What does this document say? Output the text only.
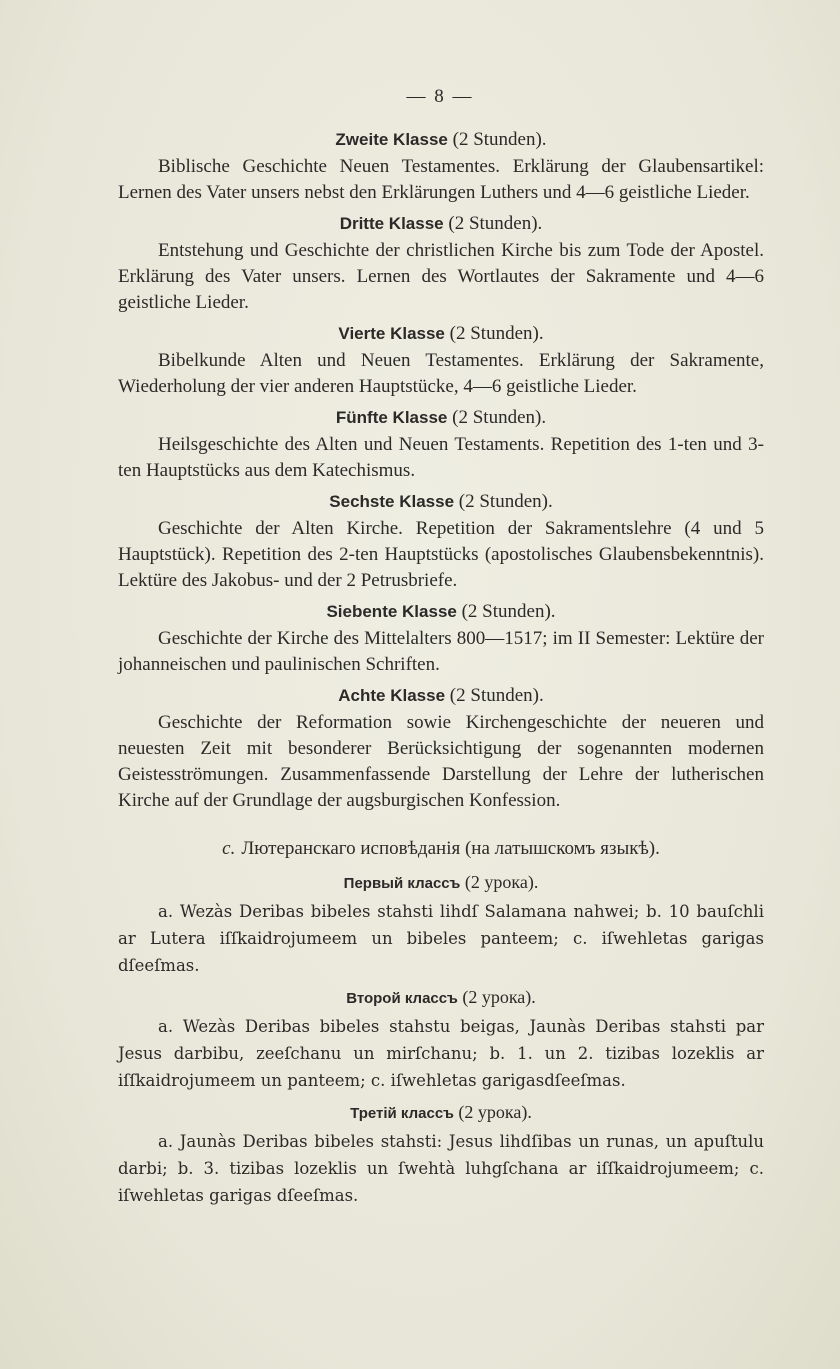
— 8 —
Zweite Klasse (2 Stunden).
Biblische Geschichte Neuen Testamentes. Erklärung der Glaubensartikel: Lernen des Vater unsers nebst den Erklärungen Luthers und 4—6 geistliche Lieder.
Dritte Klasse (2 Stunden).
Entstehung und Geschichte der christlichen Kirche bis zum Tode der Apostel. Erklärung des Vater unsers. Lernen des Wortlautes der Sakramente und 4—6 geistliche Lieder.
Vierte Klasse (2 Stunden).
Bibelkunde Alten und Neuen Testamentes. Erklärung der Sakramente, Wiederholung der vier anderen Hauptstücke, 4—6 geistliche Lieder.
Fünfte Klasse (2 Stunden).
Heilsgeschichte des Alten und Neuen Testaments. Repetition des 1-ten und 3-ten Hauptstücks aus dem Katechismus.
Sechste Klasse (2 Stunden).
Geschichte der Alten Kirche. Repetition der Sakramentslehre (4 und 5 Hauptstück). Repetition des 2-ten Hauptstücks (apostolisches Glaubensbekenntnis). Lektüre des Jakobus- und der 2 Petrusbriefe.
Siebente Klasse (2 Stunden).
Geschichte der Kirche des Mittelalters 800—1517; im II Semester: Lektüre der johanneischen und paulinischen Schriften.
Achte Klasse (2 Stunden).
Geschichte der Reformation sowie Kirchengeschichte der neueren und neuesten Zeit mit besonderer Berücksichtigung der sogenannten modernen Geistesströmungen. Zusammenfassende Darstellung der Lehre der lutherischen Kirche auf der Grundlage der augsburgischen Konfession.
c. Лютеранскаго исповѣданія (на латышскомъ языкѣ).
Первый классъ (2 урока).
a. Wezàs Deribas bibeles stahsti lihdſ Salamana nahwei; b. 10 bauſchli ar Lutera iſſkaidrojumeem un bibeles panteem; c. iſwehletas garigas dſeeſmas.
Второй классъ (2 урока).
a. Wezàs Deribas bibeles stahstu beigas, Jaunàs Deribas stahsti par Jesus darbibu, zeeſchanu un mirſchanu; b. 1. un 2. tizibas lozeklis ar iſſkaidrojumeem un panteem; c. iſwehletas garigasdſeeſmas.
Третій классъ (2 урока).
a. Jaunàs Deribas bibeles stahsti: Jesus lihdſibas un runas, un apuſtulu darbi; b. 3. tizibas lozeklis un ſwehtà luhgſchana ar iſſkaidrojumeem; c. iſwehletas garigas dſeeſmas.
